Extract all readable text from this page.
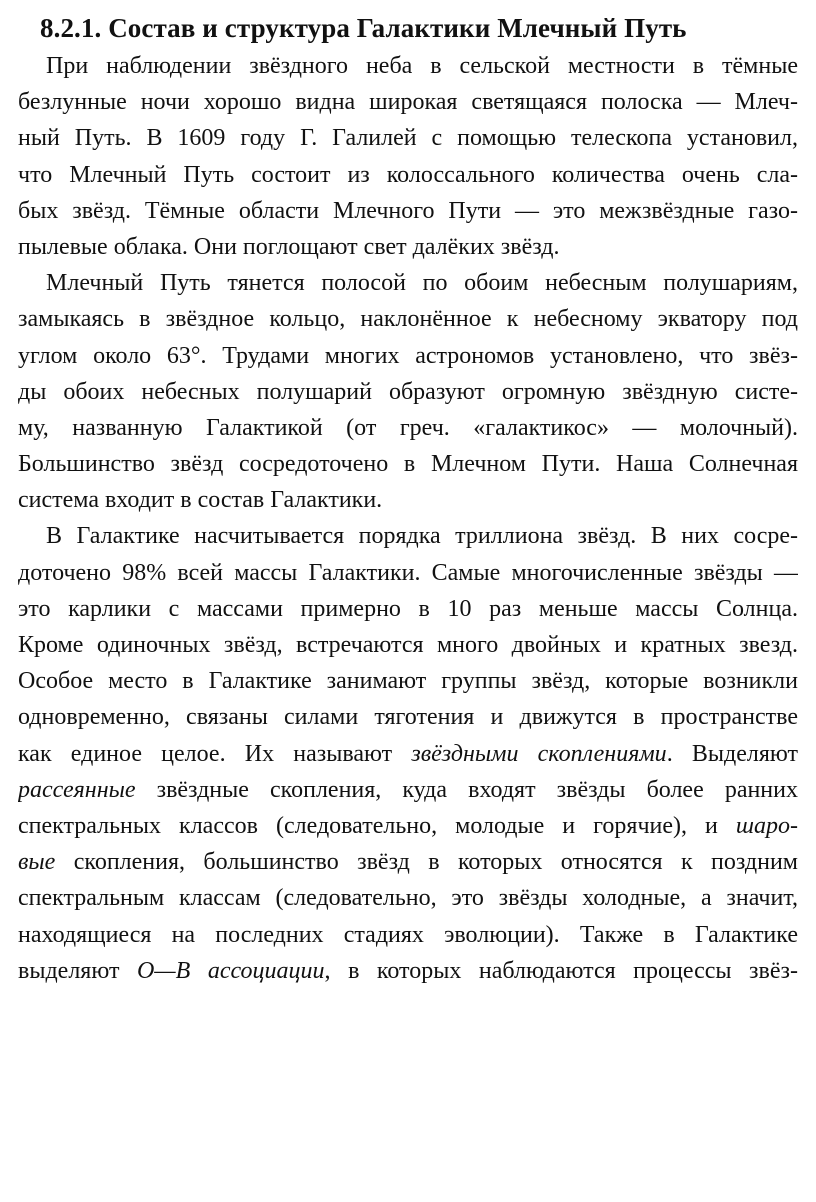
8.2.1. Состав и структура Галактики Млечный Путь
При наблюдении звёздного неба в сельской местности в тёмные
безлунные ночи хорошо видна широкая светящаяся полоска — Млеч-
ный Путь. В 1609 году Г. Галилей с помощью телескопа установил,
что Млечный Путь состоит из колоссального количества очень сла-
бых звёзд. Тёмные области Млечного Пути — это межзвёздные газо-
пылевые облака. Они поглощают свет далёких звёзд.
Млечный Путь тянется полосой по обоим небесным полушариям,
замыкаясь в звёздное кольцо, наклонённое к небесному экватору под
углом около 63°. Трудами многих астрономов установлено, что звёз-
ды обоих небесных полушарий образуют огромную звёздную систе-
му, названную Галактикой (от греч. «галактикос» — молочный).
Большинство звёзд сосредоточено в Млечном Пути. Наша Солнечная
система входит в состав Галактики.
В Галактике насчитывается порядка триллиона звёзд. В них сосре-
доточено 98% всей массы Галактики. Самые многочисленные звёзды —
это карлики с массами примерно в 10 раз меньше массы Солнца.
Кроме одиночных звёзд, встречаются много двойных и кратных звезд.
Особое место в Галактике занимают группы звёзд, которые возникли
одновременно, связаны силами тяготения и движутся в пространстве
как единое целое. Их называют звёздными скоплениями. Выделяют
рассеянные звёздные скопления, куда входят звёзды более ранних
спектральных классов (следовательно, молодые и горячие), и шаро-
вые скопления, большинство звёзд в которых относятся к поздним
спектральным классам (следовательно, это звёзды холодные, а значит,
находящиеся на последних стадиях эволюции). Также в Галактике
выделяют O—B ассоциации, в которых наблюдаются процессы звёз-
